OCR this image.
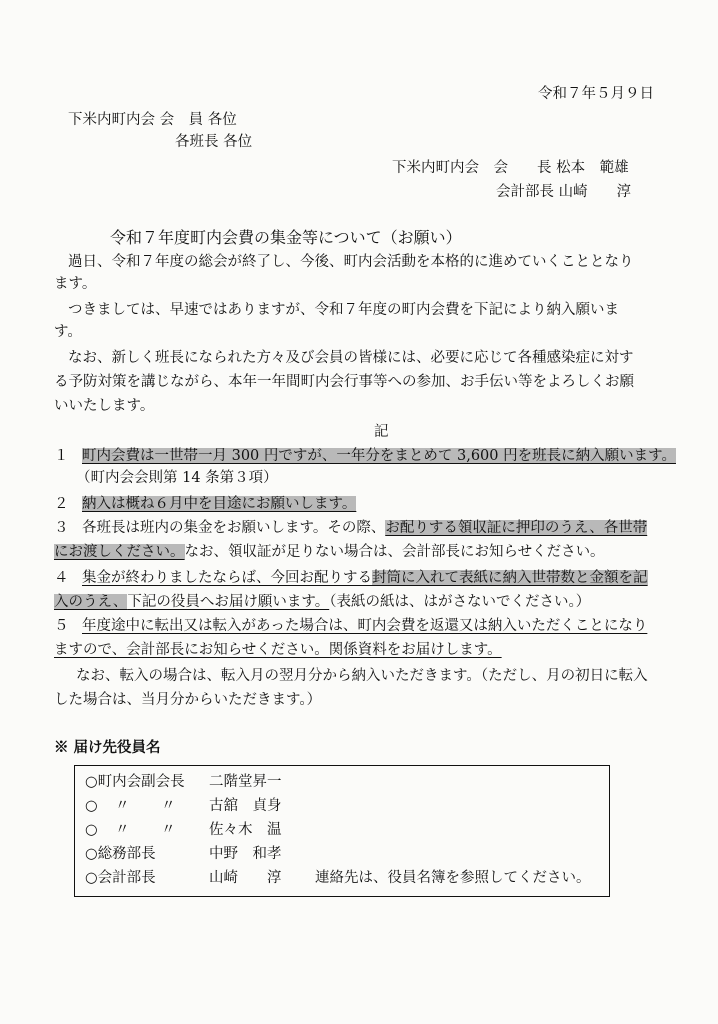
令和７年５月９日
下米内町内会 会　員 各位
各班長 各位
下米内町内会　会　　長 松本　範雄
会計部長 山崎　　淳
令和７年度町内会費の集金等について（お願い）
過日、令和７年度の総会が終了し、今後、町内会活動を本格的に進めていくこととなり
ます。
つきましては、早速ではありますが、令和７年度の町内会費を下記により納入願いま
す。
なお、新しく班長になられた方々及び会員の皆様には、必要に応じて各種感染症に対す
る予防対策を講じながら、本年一年間町内会行事等への参加、お手伝い等をよろしくお願
いいたします。
記
１ 町内会費は一世帯一月 300 円ですが、一年分をまとめて 3,600 円を班長に納入願います。
（町内会会則第 14 条第３項）
２ 納入は概ね６月中を目途にお願いします。
３ 各班長は班内の集金をお願いします。その際、お配りする領収証に押印のうえ、各世帯
にお渡しください。なお、領収証が足りない場合は、会計部長にお知らせください。
４ 集金が終わりましたならば、今回お配りする封筒に入れて表紙に納入世帯数と金額を記
入のうえ、下記の役員へお届け願います。（表紙の紙は、はがさないでください。）
５ 年度途中に転出又は転入があった場合は、町内会費を返還又は納入いただくことになり
ますので、会計部長にお知らせください。関係資料をお届けします。
なお、転入の場合は、転入月の翌月分から納入いただきます。（ただし、月の初日に転入
した場合は、当月分からいただきます。）
※ 届け先役員名
○町内会副会長 二階堂昇一
○ 〃 〃 古舘　貞身
○ 〃 〃 佐々木　温
○総務部長	中野　和孝
○会計部長	山崎　　淳 連絡先は、役員名簿を参照してください。
